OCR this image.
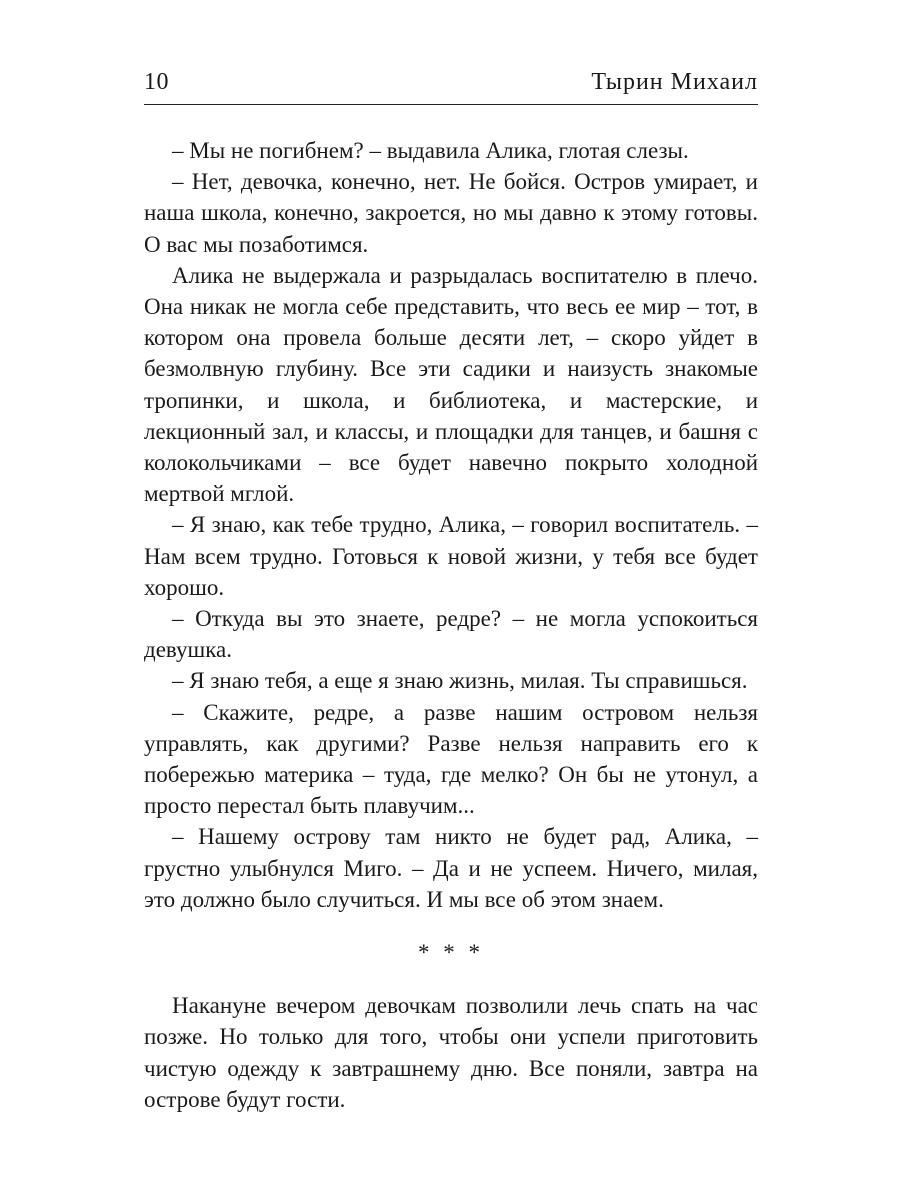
10	Тырин Михаил

– Мы не погибнем? – выдавила Алика, глотая слезы.

– Нет, девочка, конечно, нет. Не бойся. Остров умирает, и наша школа, конечно, закроется, но мы давно к этому готовы. О вас мы позаботимся.

Алика не выдержала и разрыдалась воспитателю в плечо. Она никак не могла себе представить, что весь ее мир – тот, в котором она провела больше десяти лет, – скоро уйдет в безмолвную глубину. Все эти садики и наизусть знакомые тропинки, и школа, и библиотека, и мастерские, и лекционный зал, и классы, и площадки для танцев, и башня с колокольчиками – все будет навечно покрыто холодной мертвой мглой.

– Я знаю, как тебе трудно, Алика, – говорил воспитатель. – Нам всем трудно. Готовься к новой жизни, у тебя все будет хорошо.

– Откуда вы это знаете, редре? – не могла успокоиться девушка.

– Я знаю тебя, а еще я знаю жизнь, милая. Ты справишься.

– Скажите, редре, а разве нашим островом нельзя управлять, как другими? Разве нельзя направить его к побережью материка – туда, где мелко? Он бы не утонул, а просто перестал быть плавучим...

– Нашему острову там никто не будет рад, Алика, – грустно улыбнулся Миго. – Да и не успеем. Ничего, милая, это должно было случиться. И мы все об этом знаем.

* * *

Накануне вечером девочкам позволили лечь спать на час позже. Но только для того, чтобы они успели приготовить чистую одежду к завтрашнему дню. Все поняли, завтра на острове будут гости.
